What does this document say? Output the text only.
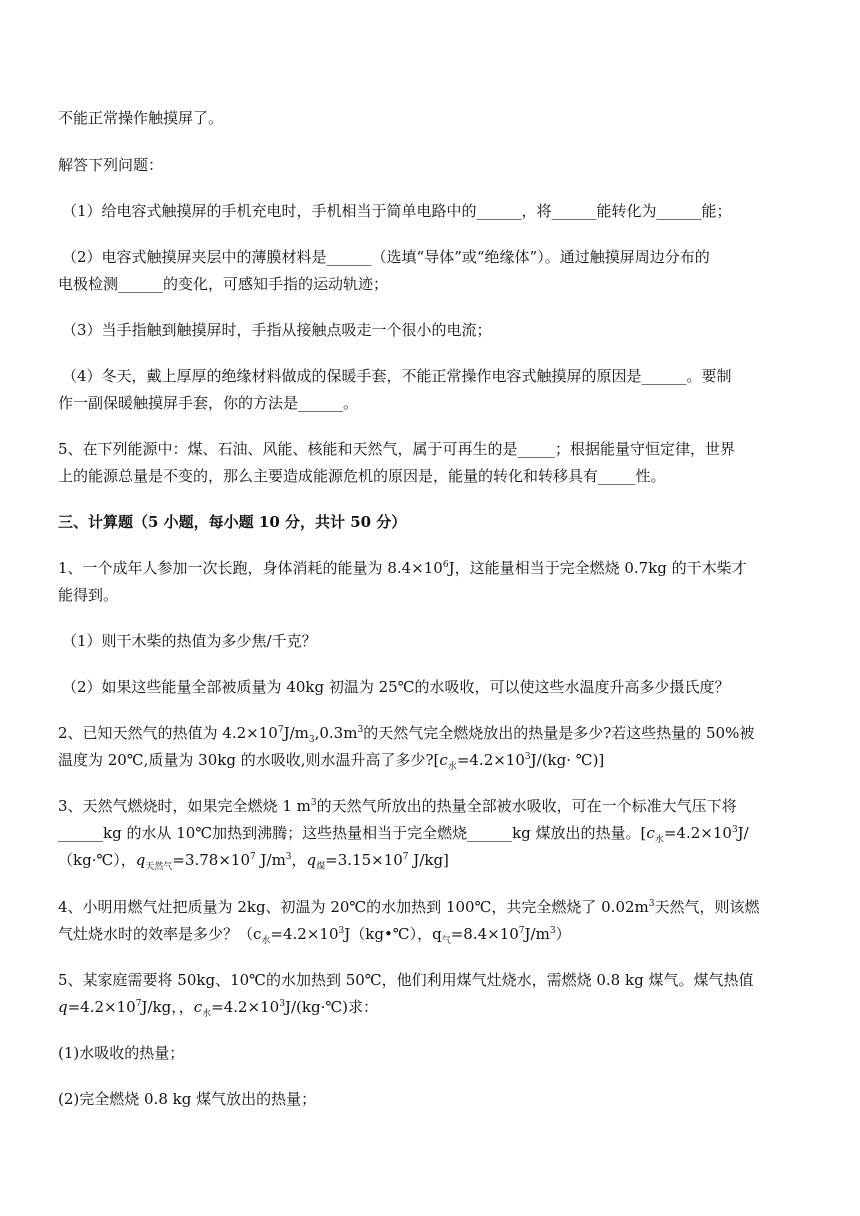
不能正常操作触摸屏了。
解答下列问题：
（1）给电容式触摸屏的手机充电时，手机相当于简单电路中的______，将______能转化为______能；
（2）电容式触摸屏夹层中的薄膜材料是______（选填“导体”或“绝缘体”）。通过触摸屏周边分布的
电极检测______的变化，可感知手指的运动轨迹；
（3）当手指触到触摸屏时，手指从接触点吸走一个很小的电流；
（4）冬天，戴上厚厚的绝缘材料做成的保暖手套，不能正常操作电容式触摸屏的原因是______。要制
作一副保暖触摸屏手套，你的方法是______。
5、在下列能源中：煤、石油、风能、核能和天然气，属于可再生的是_____；根据能量守恒定律，世界
上的能源总量是不变的，那么主要造成能源危机的原因是，能量的转化和转移具有_____性。
三、计算题（5 小题，每小题 10 分，共计 50 分）
1、一个成年人参加一次长跑，身体消耗的能量为 $8.4\times 10^6J$，这能量相当于完全燃烧 0.7kg 的干木柴才
能得到。
（1）则干木柴的热值为多少焦/千克？
（2）如果这些能量全部被质量为 40kg 初温为 25℃的水吸收，可以使这些水温度升高多少摄氏度？
2、已知天然气的热值为 $4.2\times 10^7J/m_3,0.3m^3$的天然气完全燃烧放出的热量是多少?若这些热量的 50%被
温度为 20℃,质量为 30kg 的水吸收,则水温升高了多少$?[c_水=4.2\times 10^3J/(kg\cdot$ ℃)]
3、天然气燃烧时，如果完全燃烧 1 $m^3$的天然气所放出的热量全部被水吸收，可在一个标准大气压下将
______kg 的水从 10℃加热到沸腾；这些热量相当于完全燃烧______kg 煤放出的热量。[$c_水=4.2\times 10^3J/$
（kg·℃），$q_{天然气}=3.78\times 10^7$ $J/m^3$，$q_煤=3.15\times 10^7$ J/kg]
4、小明用燃气灶把质量为 2kg、初温为 20℃的水加热到 100℃，共完全燃烧了 $0.02m^3$天然气，则该燃
气灶烧水时的效率是多少？（$c_水=4.2\times 10^3J(kg•℃)$，$q_气=8.4\times 10^7J/m^3$）
5、某家庭需要将 50kg、10℃的水加热到 50℃，他们利用煤气灶烧水，需燃烧 0.8 kg 煤气。煤气热值
$q=4.2\times 10^7J/kg$，，$c_水=4.2\times 10^3J/(kg\cdot℃)$求：
(1)水吸收的热量；
(2)完全燃烧 0.8 kg 煤气放出的热量；
